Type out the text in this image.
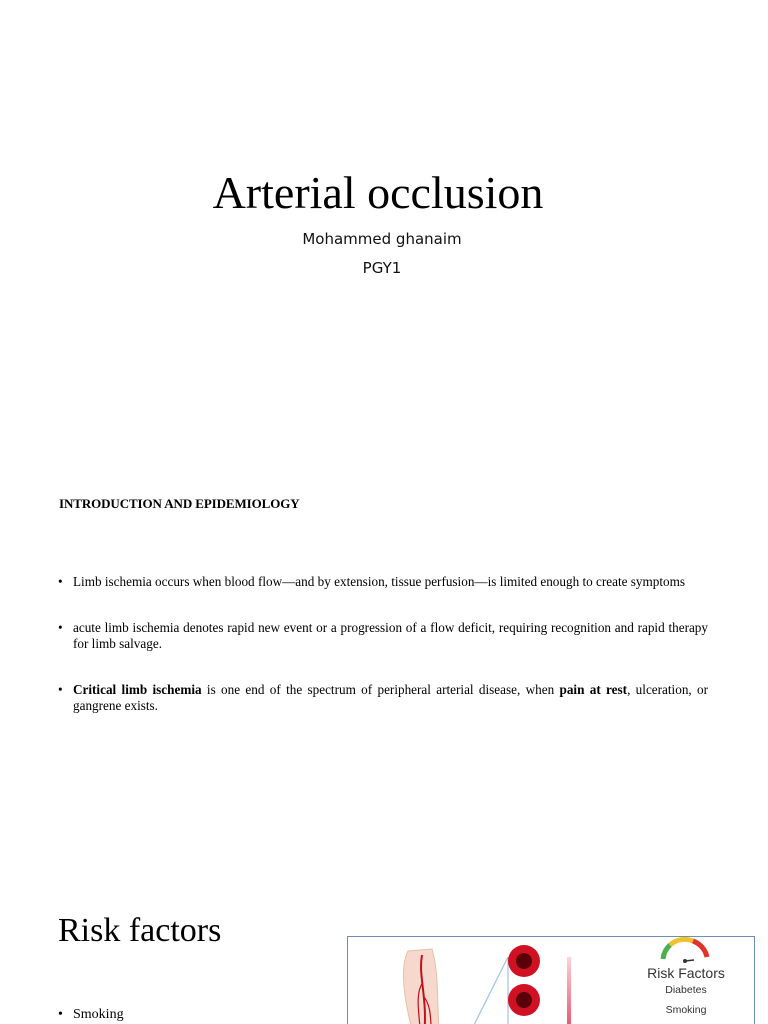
Arterial occlusion
Mohammed ghanaim
PGY1
INTRODUCTION AND EPIDEMIOLOGY
• Limb ischemia occurs when blood flow—and by extension, tissue perfusion—is limited enough to create symptoms
• acute limb ischemia denotes rapid new event or a progression of a flow deficit, requiring recognition and rapid therapy for limb salvage.
• Critical limb ischemia is one end of the spectrum of peripheral arterial disease, when pain at rest, ulceration, or gangrene exists.
Risk factors
• Smoking
Risk Factors
Diabetes
Smoking
